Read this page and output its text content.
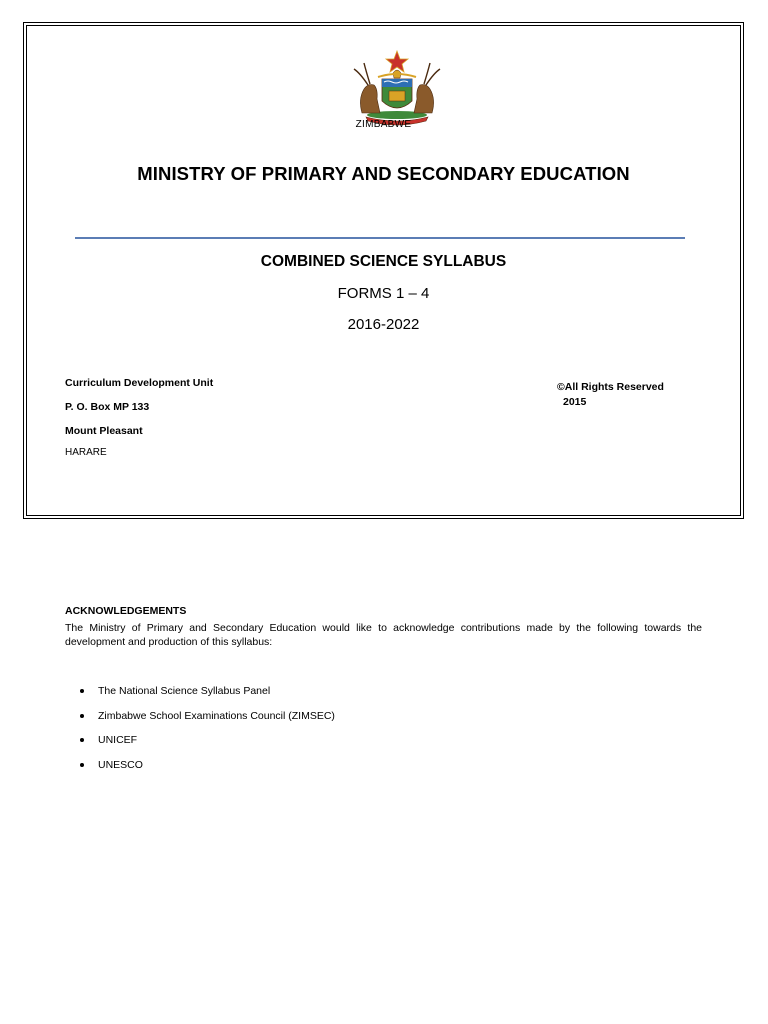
ZIMBABWE
MINISTRY OF PRIMARY AND SECONDARY EDUCATION
COMBINED SCIENCE SYLLABUS
FORMS 1 – 4
2016-2022
Curriculum Development Unit
P. O. Box MP 133
Mount Pleasant
HARARE
©All Rights Reserved
2015
ACKNOWLEDGEMENTS
The Ministry of Primary and Secondary Education would like to acknowledge contributions made by the following towards the development and production of this syllabus:
The National Science Syllabus Panel
Zimbabwe School Examinations Council (ZIMSEC)
UNICEF
UNESCO
